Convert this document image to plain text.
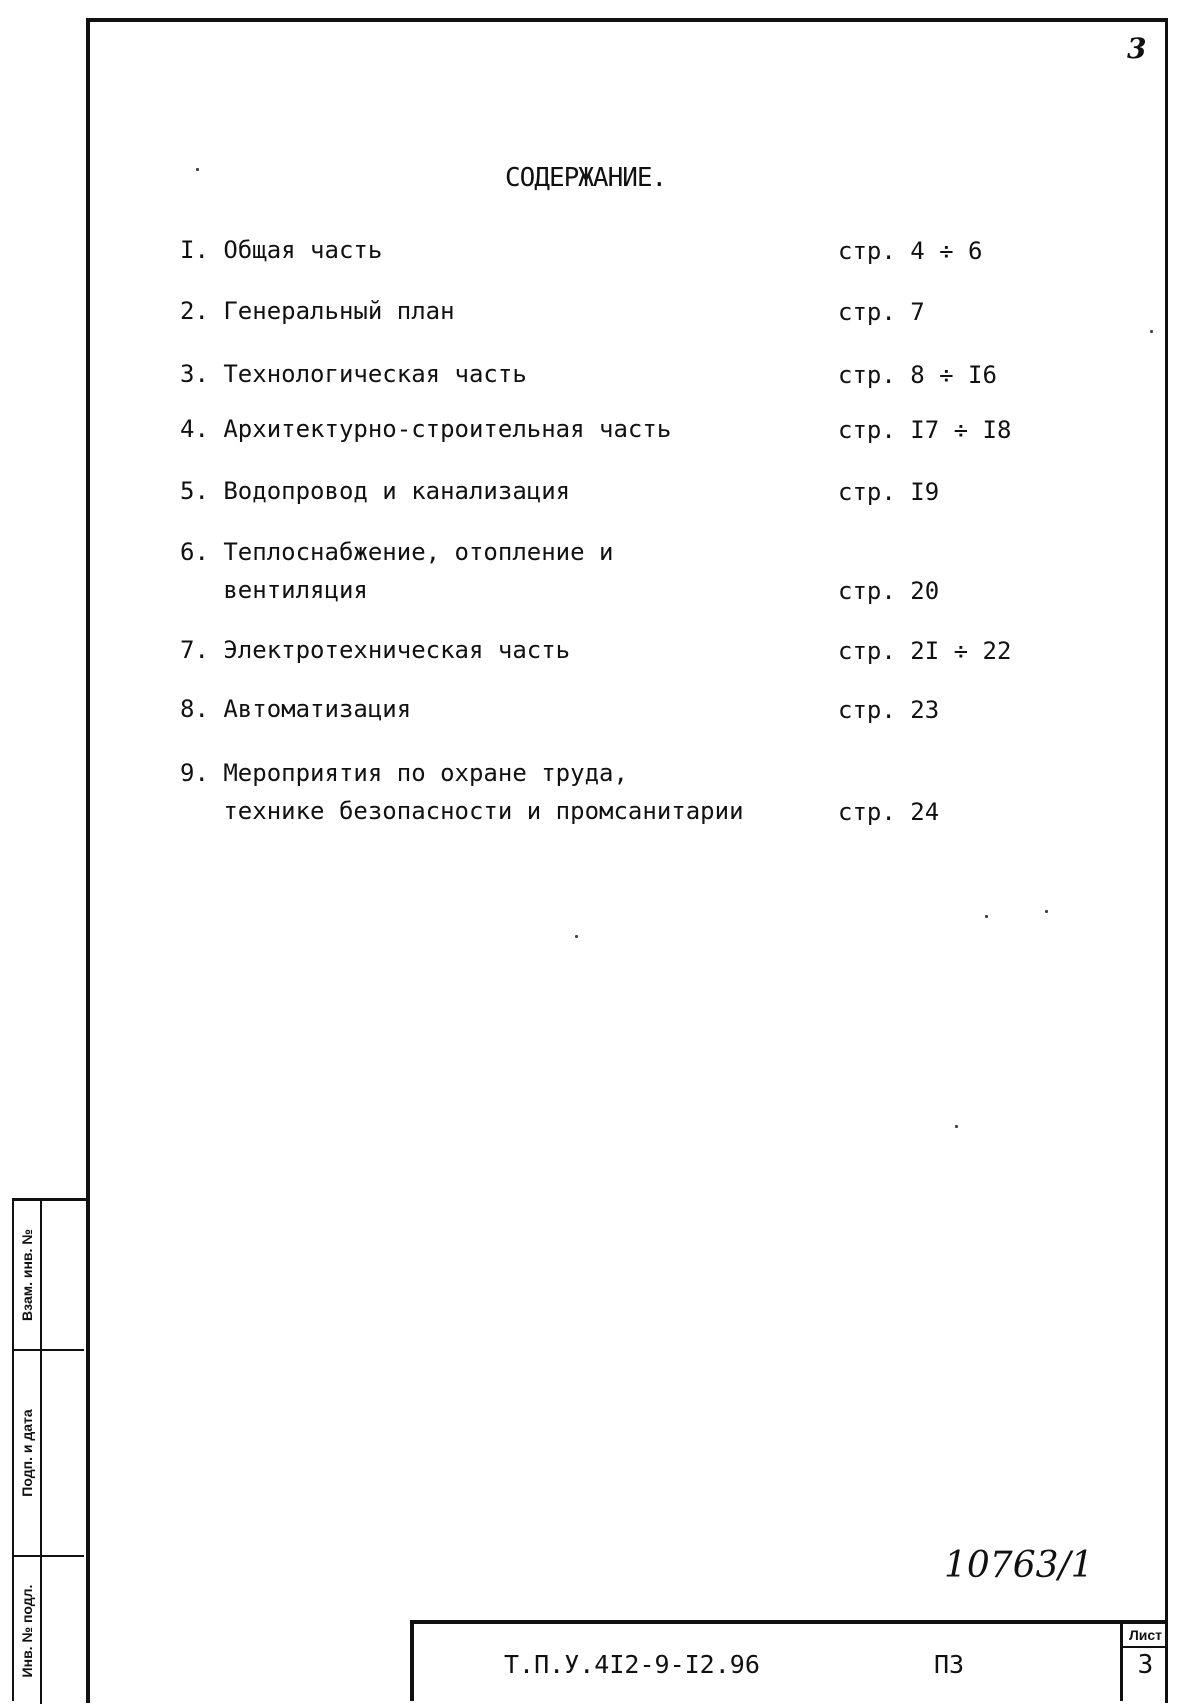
3
СОДЕРЖАНИЕ.
I. Общая часть	стр. 4 ÷ 6
2. Генеральный план	стр. 7
3. Технологическая часть	стр. 8 ÷ I6
4. Архитектурно-строительная часть	стр. I7 ÷ I8
5. Водопровод и канализация	стр. I9
6. Теплоснабжение, отопление и
вентиляция	стр. 20
7. Электротехническая часть	стр. 2I ÷ 22
8. Автоматизация	стр. 23
9. Мероприятия по охране труда,
технике безопасности и промсанитарии	стр. 24
Взам. инв. №
Подп. и дата
Инв. № подл.
10763/1
Т.П.У.4I2-9-I2.96	ПЗ
Лист
3
